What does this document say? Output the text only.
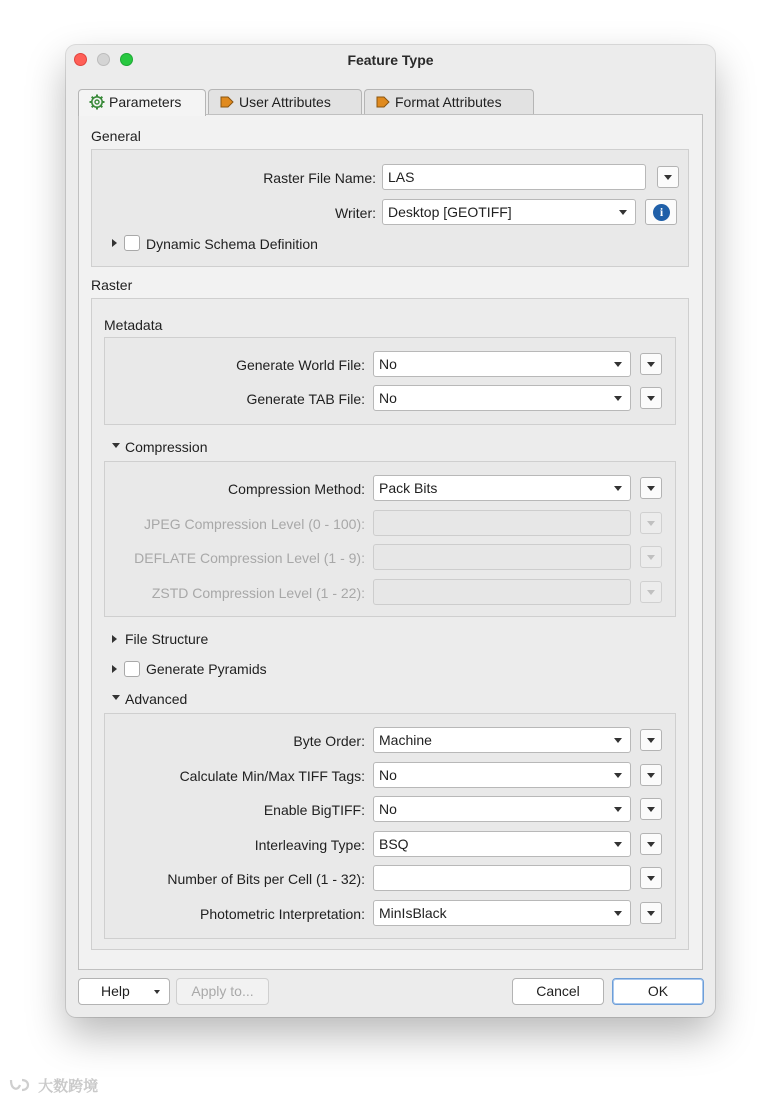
Feature Type
Parameters	User Attributes	Format Attributes
General
Raster File Name: LAS
Writer: Desktop [GEOTIFF]	i
Dynamic Schema Definition
Raster
Metadata
Generate World File:	No
Generate TAB File:	No
Compression
Compression Method:	Pack Bits
JPEG Compression Level (0 - 100):
DEFLATE Compression Level (1 - 9):
ZSTD Compression Level (1 - 22):
File Structure
Generate Pyramids
Advanced
Byte Order:	Machine
Calculate Min/Max TIFF Tags:	No
Enable BigTIFF:	No
Interleaving Type:	BSQ
Number of Bits per Cell (1 - 32):
Photometric Interpretation:	MinIsBlack
Help	Apply to...	Cancel	OK
大数跨境
